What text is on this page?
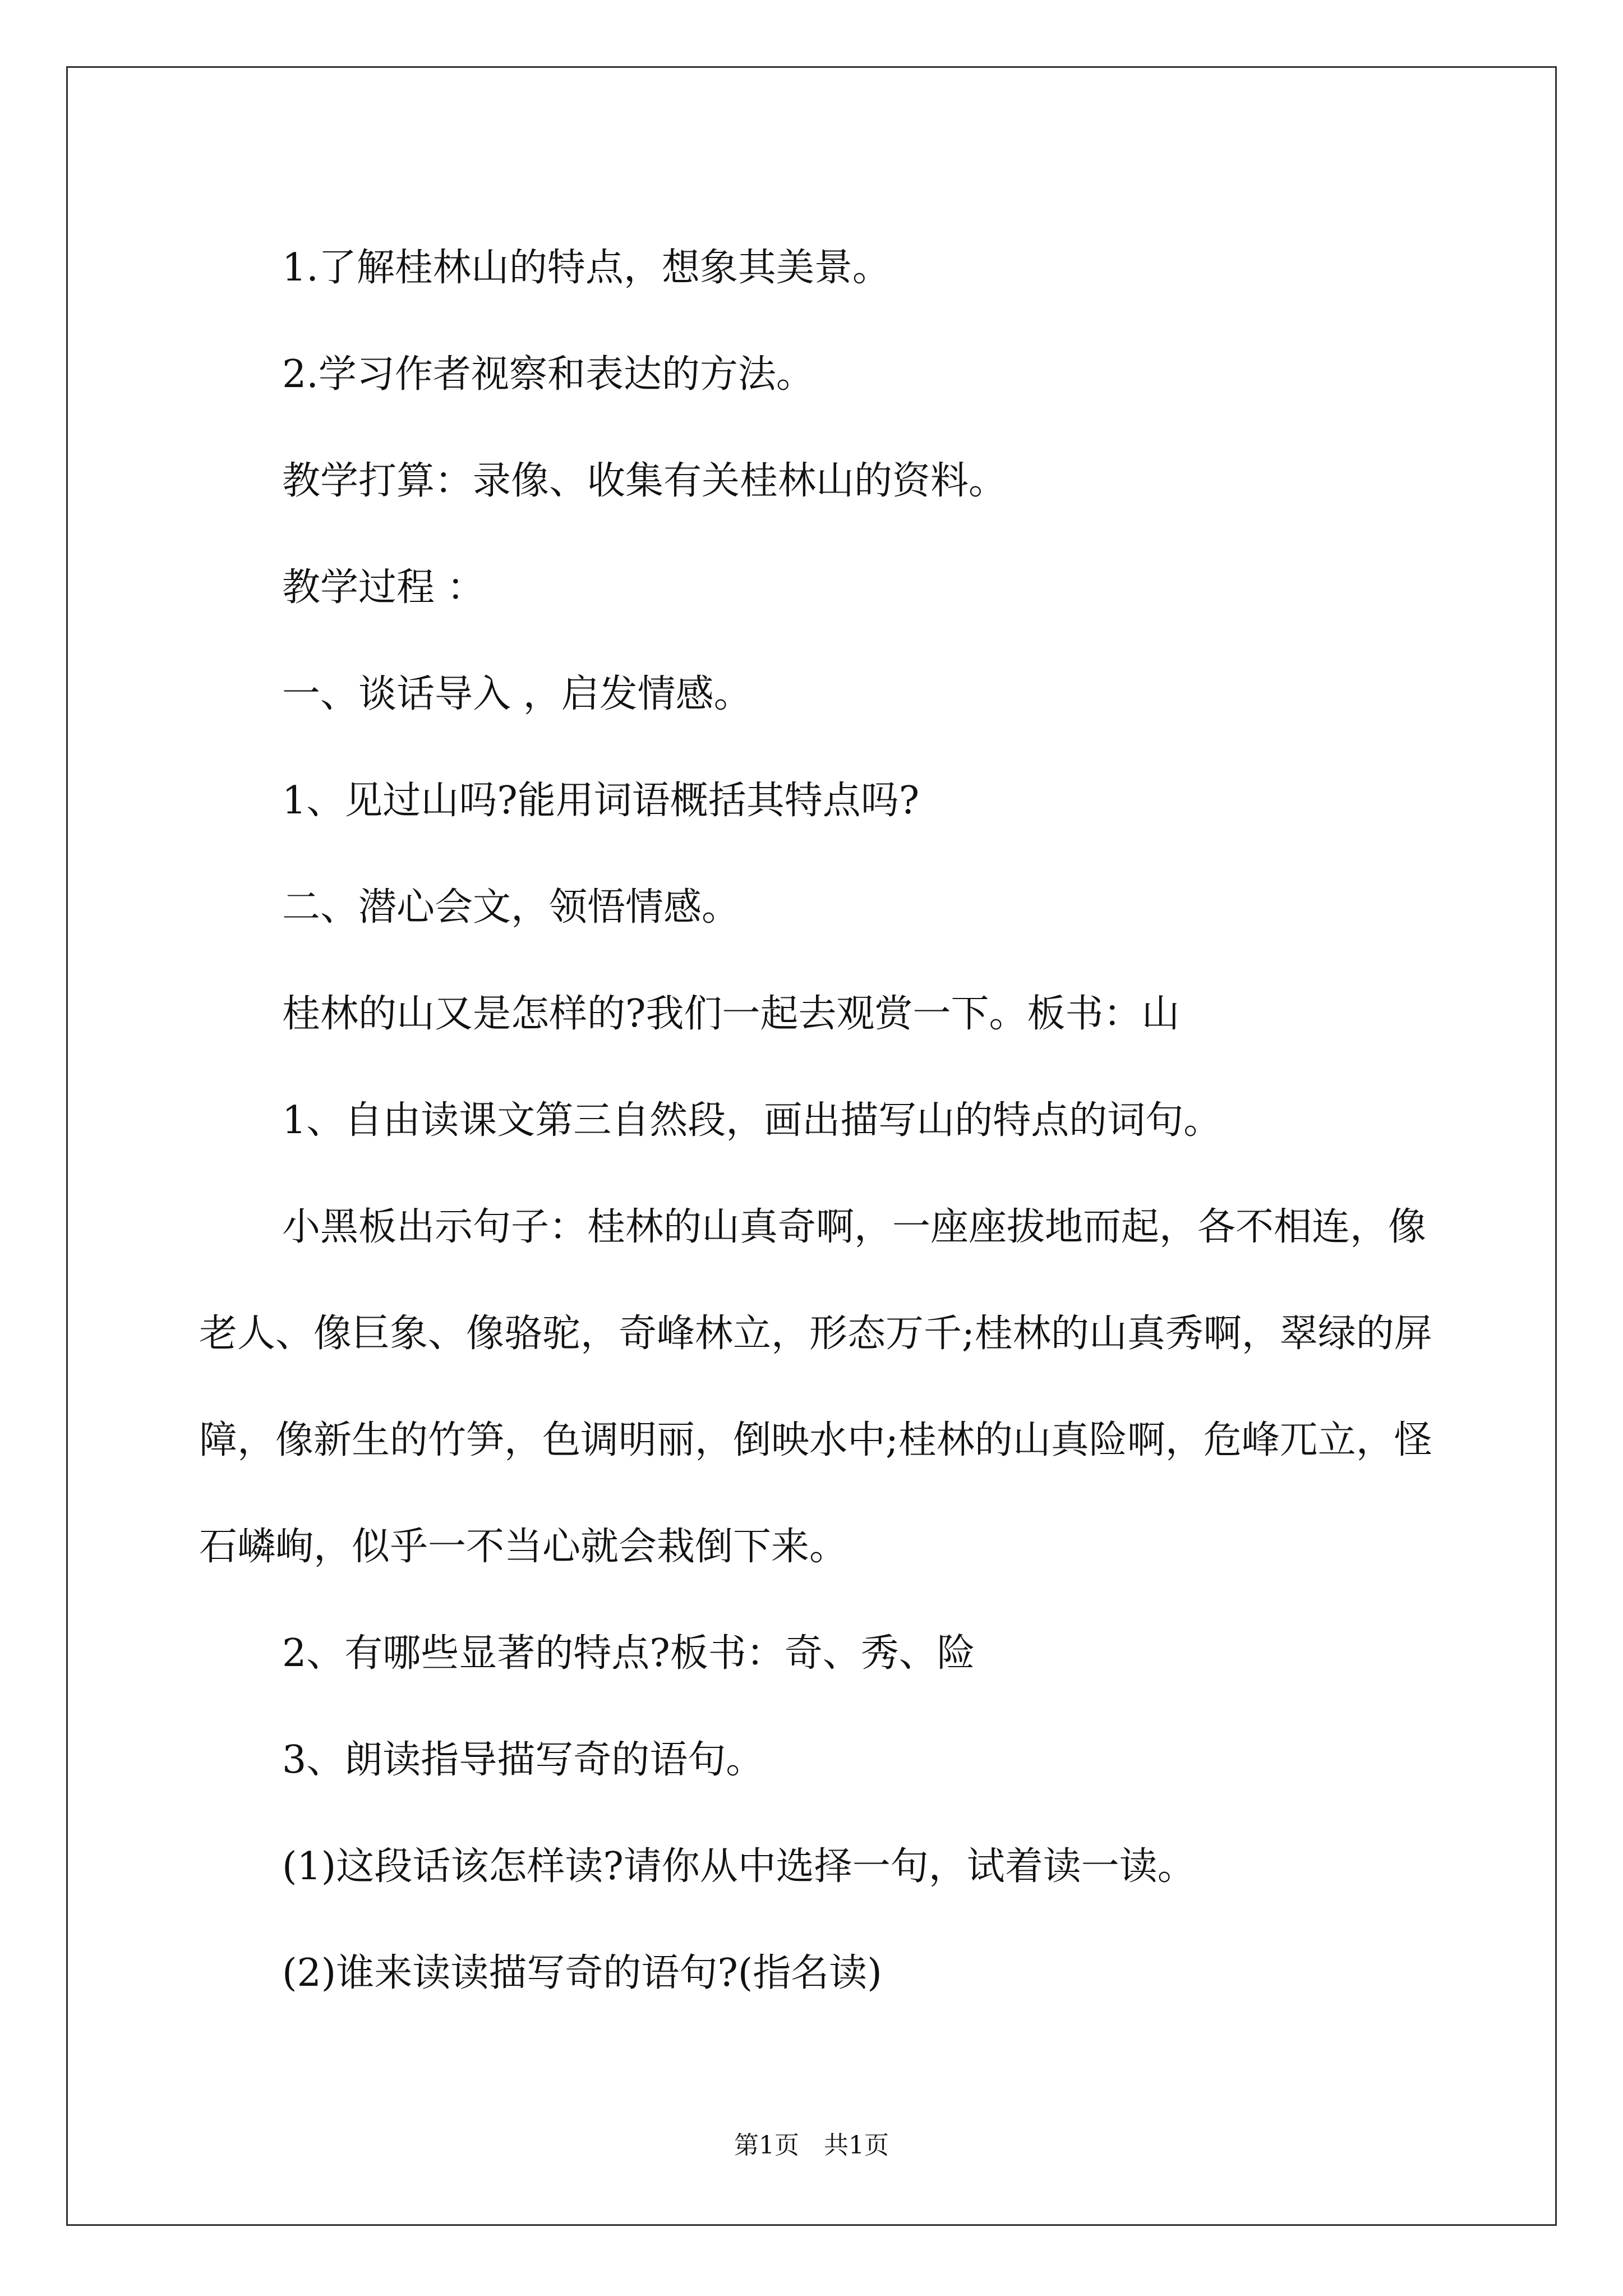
1.了解桂林山的特点，想象其美景。

2.学习作者视察和表达的方法。

教学打算：录像、收集有关桂林山的资料。

教学过程 ：

一、谈话导入 ，启发情感。

1、见过山吗?能用词语概括其特点吗?

二、潜心会文，领悟情感。

桂林的山又是怎样的?我们一起去观赏一下。板书：山

1、自由读课文第三自然段，画出描写山的特点的词句。

小黑板出示句子：桂林的山真奇啊，一座座拔地而起，各不相连，像老人、像巨象、像骆驼，奇峰林立，形态万千;桂林的山真秀啊，翠绿的屏障，像新生的竹笋，色调明丽，倒映水中;桂林的山真险啊，危峰兀立，怪石嶙峋，似乎一不当心就会栽倒下来。

2、有哪些显著的特点?板书：奇、秀、险

3、朗读指导描写奇的语句。

(1)这段话该怎样读?请你从中选择一句，试着读一读。

(2)谁来读读描写奇的语句?(指名读)

第1页　共1页
